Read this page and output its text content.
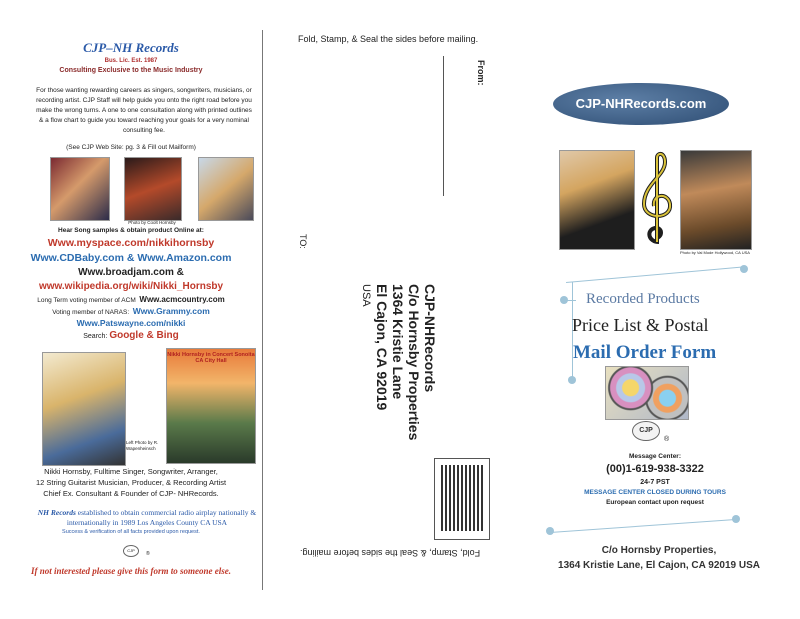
CJP–NH Records
Bus. Lic. Est. 1987
Consulting Exclusive to the Music Industry
For those wanting rewarding careers as singers, songwriters, musicians, or recording artist. CJP Staff will help guide you onto the right road before you make the wrong turns. A one to one consultation along with printed outlines & a flow chart to guide you toward reaching your goals for a very nominal consulting fee.
(See CJP Web Site: pg. 3 & Fill out Mailform)
Photo by Coolt Hornsby
Hear Song samples & obtain product Online at:
Www.myspace.com/nikkihornsby
Www.CDBaby.com & Www.Amazon.com
Www.broadjam.com &
www.wikipedia.org/wiki/Nikki_Hornsby
Long Term voting member of ACM Www.acmcountry.com
Voting member of NARAS: Www.Grammy.com
Www.Patswayne.com/nikki
Search: Google & Bing
Nikki Hornsby in Concert Sonoita CA City Hall
Left Photo by R. Wapenheinsch
Nikki Hornsby, Fulltime Singer, Songwriter, Arranger,
12 String Guitarist Musician, Producer, & Recording Artist
Chief Ex. Consultant & Founder of CJP- NHRecords.
NH Records established to obtain commercial radio airplay nationally & internationally in 1989 Los Angeles County CA USA
Success & verification of all facts provided upon request.
CJP
®
If not interested please give this form to someone else.
Fold, Stamp, & Seal the sides before mailing.
From:
TO:
CJP-NHRecords
C/o Hornsby Properties
1364 Kristie Lane
El Cajon, CA 92019
USA
Fold, Stamp, & Seal the sides before mailing.
CJP-NHRecords.com
Photo by Val Mode Hollywood, CA USA
Recorded Products
Price List & Postal
Mail Order Form
CJP
®
Message Center:
(00)1-619-938-3322
24-7 PST
MESSAGE CENTER CLOSED DURING TOURS
European contact upon request
C/o Hornsby Properties,
1364 Kristie Lane, El Cajon, CA 92019 USA
